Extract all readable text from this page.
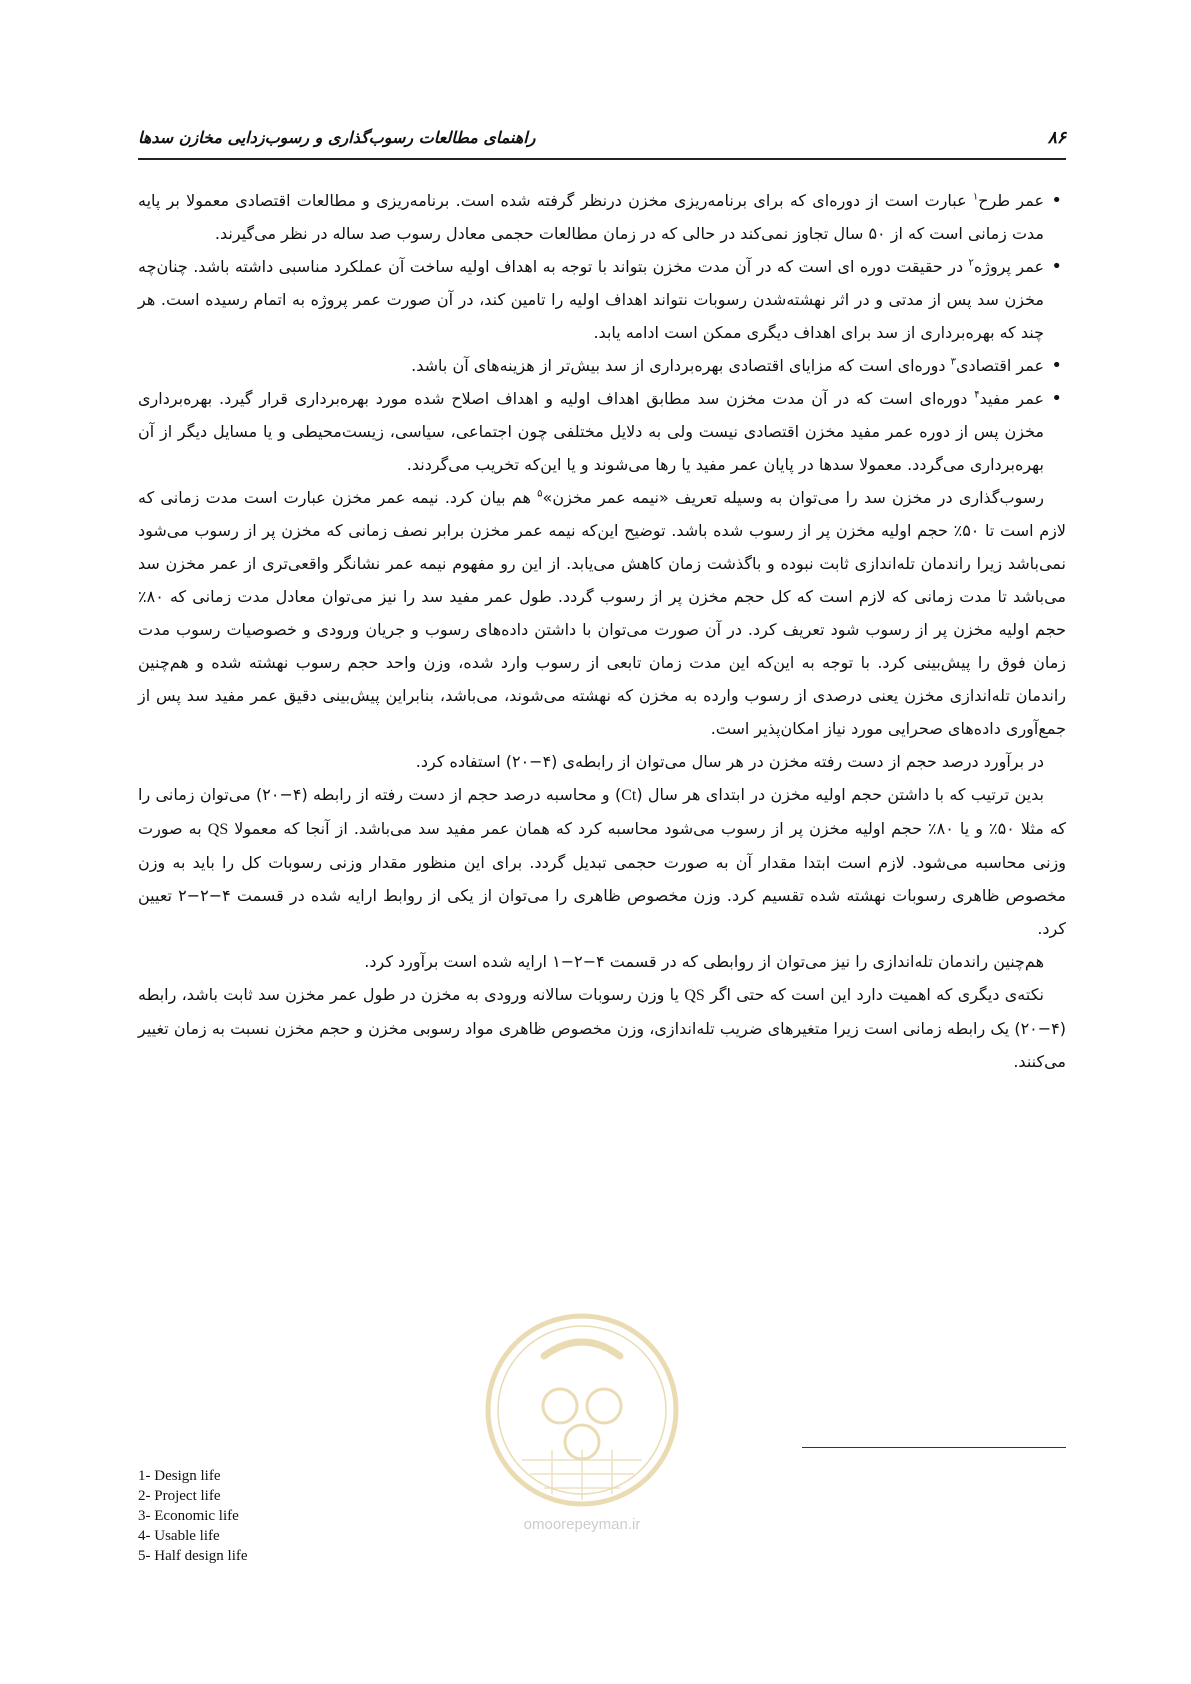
۸۶
راهنمای مطالعات رسوب‌گذاری و رسوب‌زدایی مخازن سدها
• عمر طرح$^۱$ عبارت است از دوره‌ای که برای برنامه‌ریزی مخزن درنظر گرفته شده است. برنامه‌ریزی و مطالعات اقتصادی معمولا بر پایه مدت زمانی است که از ۵۰ سال تجاوز نمی‌کند در حالی که در زمان مطالعات حجمی معادل رسوب صد ساله در نظر می‌گیرند.
• عمر پروژه$^۲$ در حقیقت دوره ای است که در آن مدت مخزن بتواند با توجه به اهداف اولیه ساخت آن عملکرد مناسبی داشته باشد. چنان‌چه مخزن سد پس از مدتی و در اثر نهشته‌شدن رسوبات نتواند اهداف اولیه را تامین کند، در آن صورت عمر پروژه به اتمام رسیده است. هر چند که بهره‌برداری از سد برای اهداف دیگری ممکن است ادامه یابد.
• عمر اقتصادی$^۳$ دوره‌ای است که مزایای اقتصادی بهره‌برداری از سد بیش‌تر از هزینه‌های آن باشد.
• عمر مفید$^۴$ دوره‌ای است که در آن مدت مخزن سد مطابق اهداف اولیه و اهداف اصلاح شده مورد بهره‌برداری قرار گیرد. بهره‌برداری مخزن پس از دوره عمر مفید مخزن اقتصادی نیست ولی به دلایل مختلفی چون اجتماعی، سیاسی، زیست‌محیطی و یا مسایل دیگر از آن بهره‌برداری می‌گردد. معمولا سدها در پایان عمر مفید یا رها می‌شوند و یا این‌که تخریب می‌گردند.

رسوب‌گذاری در مخزن سد را می‌توان به وسیله تعریف «نیمه عمر مخزن»$^۵$ هم بیان کرد. نیمه عمر مخزن عبارت است مدت زمانی که لازم است تا ۵۰٪ حجم اولیه مخزن پر از رسوب شده باشد. توضیح این‌که نیمه عمر مخزن برابر نصف زمانی که مخزن پر از رسوب می‌شود نمی‌باشد زیرا راندمان تله‌اندازی ثابت نبوده و باگذشت زمان کاهش می‌یابد. از این رو مفهوم نیمه عمر نشانگر واقعی‌تری از عمر مخزن سد می‌باشد تا مدت زمانی که لازم است که کل حجم مخزن پر از رسوب گردد. طول عمر مفید سد را نیز می‌توان معادل مدت زمانی که ۸۰٪ حجم اولیه مخزن پر از رسوب شود تعریف کرد. در آن صورت می‌توان با داشتن داده‌های رسوب و جریان ورودی و خصوصیات رسوب مدت زمان فوق را پیش‌بینی کرد. با توجه به این‌که این مدت زمان تابعی از رسوب وارد شده، وزن واحد حجم رسوب نهشته شده و هم‌چنین راندمان تله‌اندازی مخزن یعنی درصدی از رسوب وارده به مخزن که نهشته می‌شوند، می‌باشد، بنابراین پیش‌بینی دقیق عمر مفید سد پس از جمع‌آوری داده‌های صحرایی مورد نیاز امکان‌پذیر است.

در برآورد درصد حجم از دست رفته مخزن در هر سال می‌توان از رابطه‌ی (۴−۲۰) استفاده کرد.

بدین ترتیب که با داشتن حجم اولیه مخزن در ابتدای هر سال (Ct) و محاسبه درصد حجم از دست رفته از رابطه (۴−۲۰) می‌توان زمانی را که مثلا ۵۰٪ و یا ۸۰٪ حجم اولیه مخزن پر از رسوب می‌شود محاسبه کرد که همان عمر مفید سد می‌باشد. از آنجا که معمولا QS به صورت وزنی محاسبه می‌شود. لازم است ابتدا مقدار آن به صورت حجمی تبدیل گردد. برای این منظور مقدار وزنی رسوبات کل را باید به وزن مخصوص ظاهری رسوبات نهشته شده تقسیم کرد. وزن مخصوص ظاهری را می‌توان از یکی از روابط ارایه شده در قسمت ۴−۲−۲ تعیین کرد.

هم‌چنین راندمان تله‌اندازی را نیز می‌توان از روابطی که در قسمت ۴−۲−۱ ارایه شده است برآورد کرد.

نکته‌ی دیگری که اهمیت دارد این است که حتی اگر QS یا وزن رسوبات سالانه ورودی به مخزن در طول عمر مخزن سد ثابت باشد، رابطه (۴−۲۰) یک رابطه زمانی است زیرا متغیرهای ضریب تله‌اندازی، وزن مخصوص ظاهری مواد رسوبی مخزن و حجم مخزن نسبت به زمان تغییر می‌کنند.

omoorepeyman.ir
1- Design life
2- Project life
3- Economic life
4- Usable life
5- Half design life
